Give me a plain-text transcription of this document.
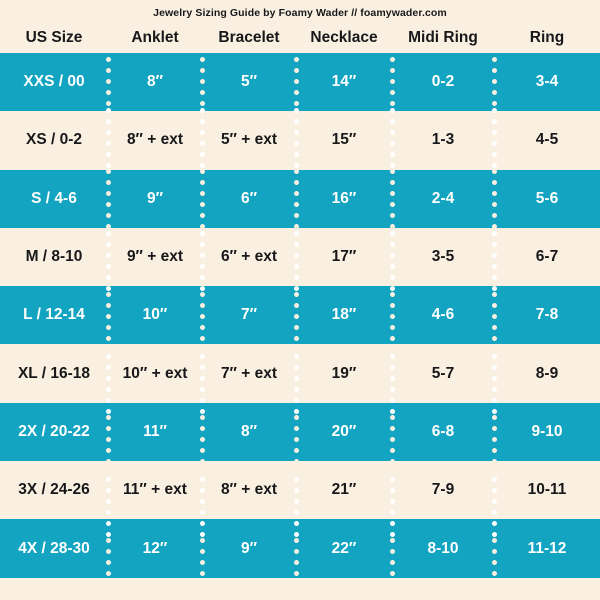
Jewelry Sizing Guide by Foamy Wader // foamywader.com
US Size	Anklet	Bracelet	Necklace	Midi Ring	Ring
XXS / 00	8″	5″	14″	0-2	3-4
XS / 0-2	8″ + ext	5″ + ext	15″	1-3	4-5
S / 4-6	9″	6″	16″	2-4	5-6
M / 8-10	9″ + ext	6″ + ext	17″	3-5	6-7
L / 12-14	10″	7″	18″	4-6	7-8
XL / 16-18	10″ + ext	7″ + ext	19″	5-7	8-9
2X / 20-22	11″	8″	20″	6-8	9-10
3X / 24-26	11″ + ext	8″ + ext	21″	7-9	10-11
4X / 28-30	12″	9″	22″	8-10	11-12
